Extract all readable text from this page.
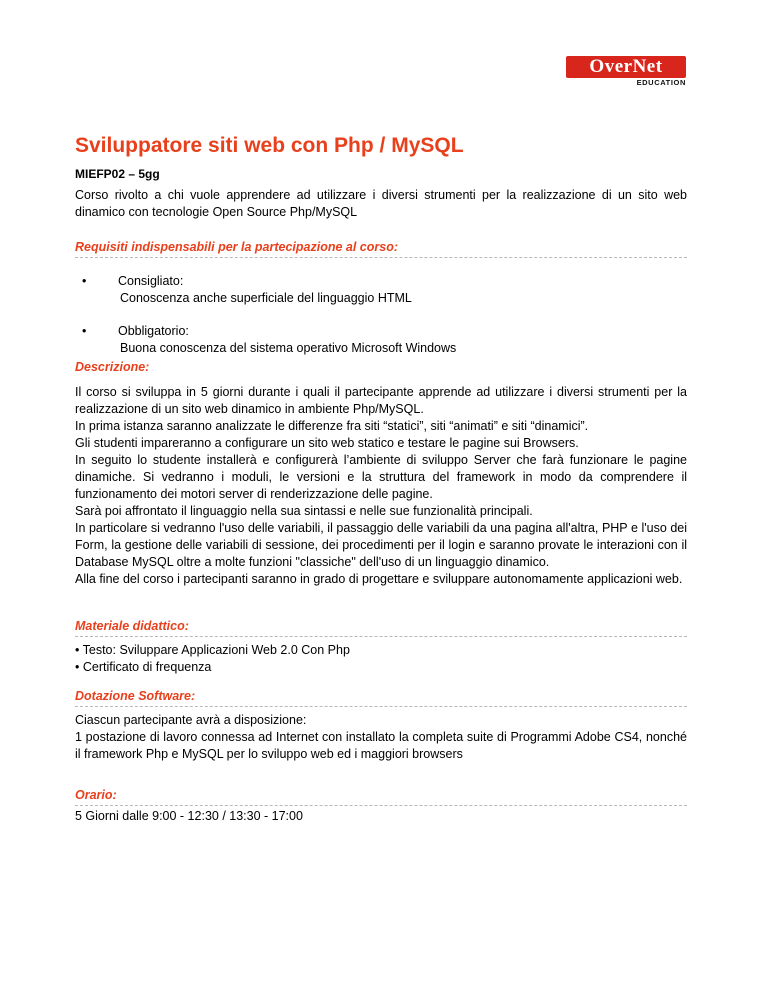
OverNet
EDUCATION
Sviluppatore siti web con Php / MySQL
MIEFP02 – 5gg

Corso rivolto a chi vuole apprendere ad utilizzare i diversi strumenti per la realizzazione di un sito web dinamico con tecnologie Open Source Php/MySQL

Requisiti indispensabili per la partecipazione al corso:
•	Consigliato:
Conoscenza anche superficiale del linguaggio HTML
•	Obbligatorio:
Buona conoscenza del sistema operativo Microsoft Windows
Descrizione:

Il corso si sviluppa in 5 giorni durante i quali il partecipante apprende ad utilizzare i diversi strumenti per la realizzazione di un sito web dinamico in ambiente Php/MySQL.

In prima istanza saranno analizzate le differenze fra siti “statici”, siti “animati” e siti “dinamici”.

Gli studenti impareranno a configurare un sito web statico e testare le pagine sui Browsers.

In seguito lo studente installerà e configurerà l’ambiente di sviluppo Server che farà funzionare le pagine dinamiche. Si vedranno i moduli, le versioni e la struttura del framework in modo da comprendere il funzionamento dei motori server di renderizzazione delle pagine.

Sarà poi affrontato il linguaggio nella sua sintassi e nelle sue funzionalità principali.

In particolare si vedranno l'uso delle variabili, il passaggio delle variabili da una pagina all'altra, PHP e l'uso dei Form, la gestione delle variabili di sessione, dei procedimenti per il login e saranno provate le interazioni con il Database MySQL oltre a molte funzioni "classiche" dell'uso di un linguaggio dinamico.

Alla fine del corso i partecipanti saranno in grado di progettare e sviluppare autonomamente applicazioni web.

Materiale didattico:

• Testo: Sviluppare Applicazioni Web 2.0 Con Php

• Certificato di frequenza

Dotazione Software:

Ciascun partecipante avrà a disposizione:

1 postazione di lavoro connessa ad Internet con installato la completa suite di Programmi Adobe CS4, nonché il framework Php e MySQL per lo sviluppo web ed i maggiori browsers

Orario:

5 Giorni dalle 9:00 - 12:30 / 13:30 - 17:00
